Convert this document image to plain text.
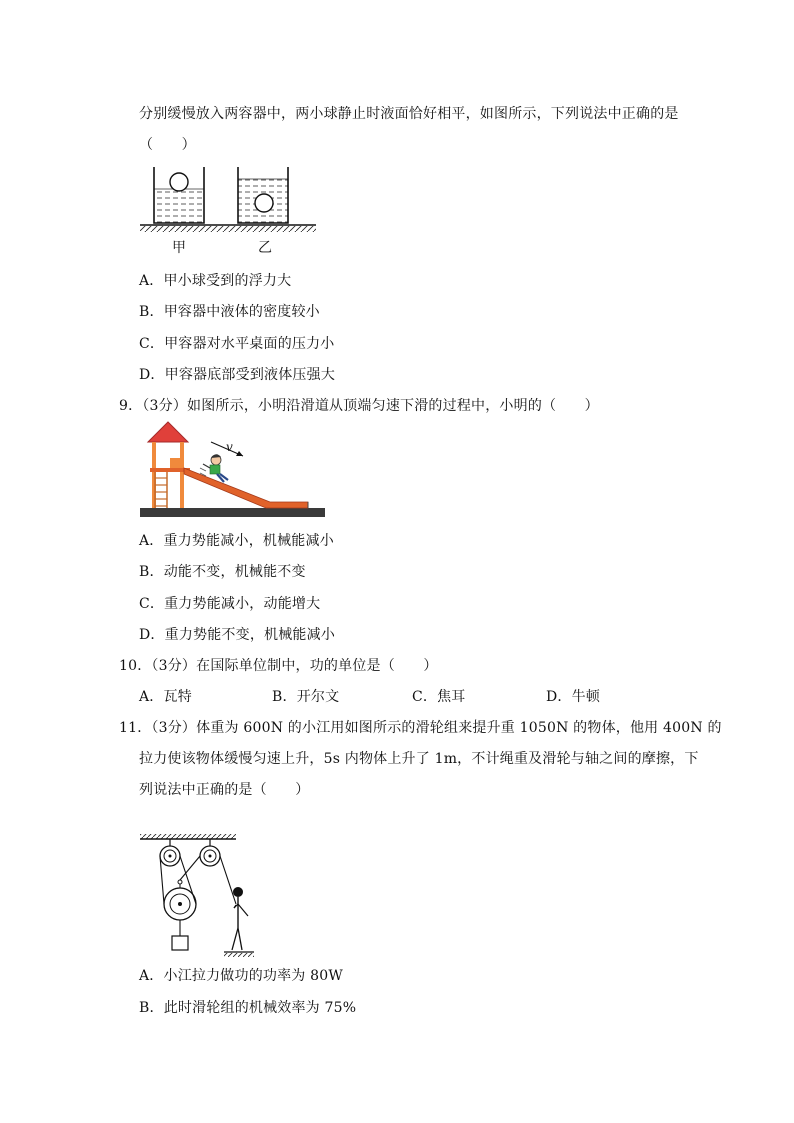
分别缓慢放入两容器中，两小球静止时液面恰好相平，如图所示，下列说法中正确的是
（　　）
甲	乙
A．甲小球受到的浮力大
B．甲容器中液体的密度较小
C．甲容器对水平桌面的压力小
D．甲容器底部受到液体压强大
9．（3分）如图所示，小明沿滑道从顶端匀速下滑的过程中，小明的（　　）
v
A．重力势能减小，机械能减小
B．动能不变，机械能不变
C．重力势能减小，动能增大
D．重力势能不变，机械能减小
10．（3分）在国际单位制中，功的单位是（　　）
A．瓦特	B．开尔文	C．焦耳	D．牛顿
11．（3分）体重为 600N 的小江用如图所示的滑轮组来提升重 1050N 的物体，他用 400N 的
拉力使该物体缓慢匀速上升，5s 内物体上升了 1m，不计绳重及滑轮与轴之间的摩擦，下
列说法中正确的是（　　）
A．小江拉力做功的功率为 80W
B．此时滑轮组的机械效率为 75%
